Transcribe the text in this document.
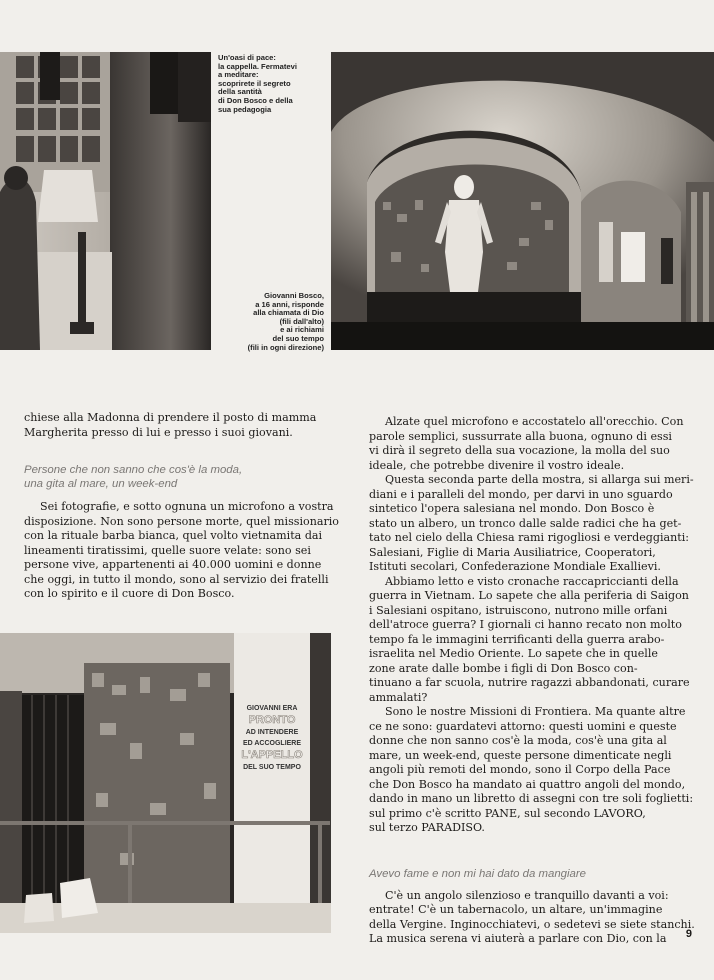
Un'oasi di pace:
la cappella. Fermatevi
a meditare:
scoprirete il segreto
della santità
di Don Bosco e della
sua pedagogia
Giovanni Bosco,
a 16 anni, risponde
alla chiamata di Dio
(fili dall'alto)
e ai richiami
del suo tempo
(fili in ogni direzione)

chiese alla Madonna di prendere il posto di mamma
Margherita presso di lui e presso i suoi giovani.

Persone che non sanno che cos'è la moda,
una gita al mare, un week-end

Sei fotografie, e sotto ognuna un microfono a vostra
disposizione. Non sono persone morte, quel missionario
con la rituale barba bianca, quel volto vietnamita dai
lineamenti tiratissimi, quelle suore velate: sono sei
persone vive, appartenenti ai 40.000 uomini e donne
che oggi, in tutto il mondo, sono al servizio dei fratelli
con lo spirito e il cuore di Don Bosco.

GIOVANNI ERA
PRONTO
AD INTENDERE
ED ACCOGLIERE
L'APPELLO
DEL SUO TEMPO

Alzate quel microfono e accostatelo all'orecchio. Con
parole semplici, sussurrate alla buona, ognuno di essi
vi dirà il segreto della sua vocazione, la molla del suo
ideale, che potrebbe divenire il vostro ideale.

Questa seconda parte della mostra, si allarga sui meri-
diani e i paralleli del mondo, per darvi in uno sguardo
sintetico l'opera salesiana nel mondo. Don Bosco è
stato un albero, un tronco dalle salde radici che ha get-
tato nel cielo della Chiesa rami rigogliosi e verdeggianti:
Salesiani, Figlie di Maria Ausiliatrice, Cooperatori,
Istituti secolari, Confederazione Mondiale Exallievi.

Abbiamo letto e visto cronache raccapriccianti della
guerra in Vietnam. Lo sapete che alla periferia di Saigon
i Salesiani ospitano, istruiscono, nutrono mille orfani
dell'atroce guerra? I giornali ci hanno recato non molto
tempo fa le immagini terrificanti della guerra arabo-
israelita nel Medio Oriente. Lo sapete che in quelle
zone arate dalle bombe i figli di Don Bosco con-
tinuano a far scuola, nutrire ragazzi abbandonati, curare
ammalati?

Sono le nostre Missioni di Frontiera. Ma quante altre
ce ne sono: guardatevi attorno: questi uomini e queste
donne che non sanno cos'è la moda, cos'è una gita al
mare, un week-end, queste persone dimenticate negli
angoli più remoti del mondo, sono il Corpo della Pace
che Don Bosco ha mandato ai quattro angoli del mondo,
dando in mano un libretto di assegni con tre soli foglietti:
sul primo c'è scritto PANE, sul secondo LAVORO,
sul terzo PARADISO.

Avevo fame e non mi hai dato da mangiare

C'è un angolo silenzioso e tranquillo davanti a voi:
entrate! C'è un tabernacolo, un altare, un'immagine
della Vergine. Inginocchiatevi, o sedetevi se siete stanchi.
La musica serena vi aiuterà a parlare con Dio, con la	9
